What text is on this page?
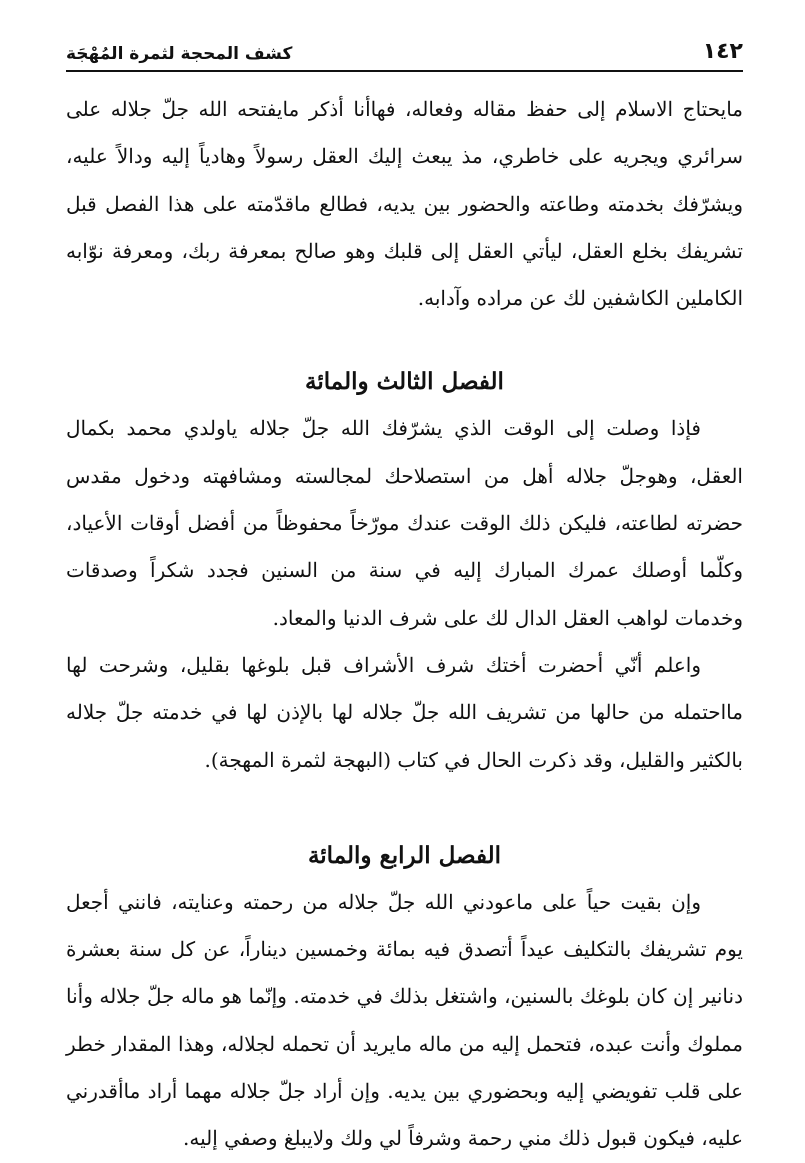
كشف المحجة لثمرة المُهْجَة	١٤٢

مايحتاج الاسلام إلى حفظ مقاله وفعاله، فهاأنا أذكر مايفتحه الله جلّ جلاله على سرائري ويجريه على خاطري، مذ يبعث إليك العقل رسولاً وهادياً إليه ودالاً عليه، ويشرّفك بخدمته وطاعته والحضور بين يديه، فطالع ماقدّمته على هذا الفصل قبل تشريفك بخلع العقل، ليأتي العقل إلى قلبك وهو صالح بمعرفة ربك، ومعرفة نوّابه الكاملين الكاشفين لك عن مراده وآدابه.

الفصل الثالث والمائة

فإذا وصلت إلى الوقت الذي يشرّفك الله جلّ جلاله ياولدي محمد بكمال العقل، وهوجلّ جلاله أهل من استصلاحك لمجالسته ومشافهته ودخول مقدس حضرته لطاعته، فليكن ذلك الوقت عندك مورّخاً محفوظاً من أفضل أوقات الأعياد، وكلّما أوصلك عمرك المبارك إليه في سنة من السنين فجدد شكراً وصدقات وخدمات لواهب العقل الدال لك على شرف الدنيا والمعاد.

واعلم أنّي أحضرت أختك شرف الأشراف قبل بلوغها بقليل، وشرحت لها مااحتمله من حالها من تشريف الله جلّ جلاله لها بالإذن لها في خدمته جلّ جلاله بالكثير والقليل، وقد ذكرت الحال في كتاب (البهجة لثمرة المهجة).

الفصل الرابع والمائة

وإن بقيت حياً على ماعودني الله جلّ جلاله من رحمته وعنايته، فانني أجعل يوم تشريفك بالتكليف عيداً أتصدق فيه بمائة وخمسين ديناراً، عن كل سنة بعشرة دنانير إن كان بلوغك بالسنين، واشتغل بذلك في خدمته. وإنّما هو ماله جلّ جلاله وأنا مملوك وأنت عبده، فتحمل إليه من ماله مايريد أن تحمله لجلاله، وهذا المقدار خطر على قلب تفويضي إليه وبحضوري بين يديه. وإن أراد جلّ جلاله مهما أراد ماأقدرني عليه، فيكون قبول ذلك مني رحمة وشرفاً لي ولك ولايبلغ وصفي إليه.
